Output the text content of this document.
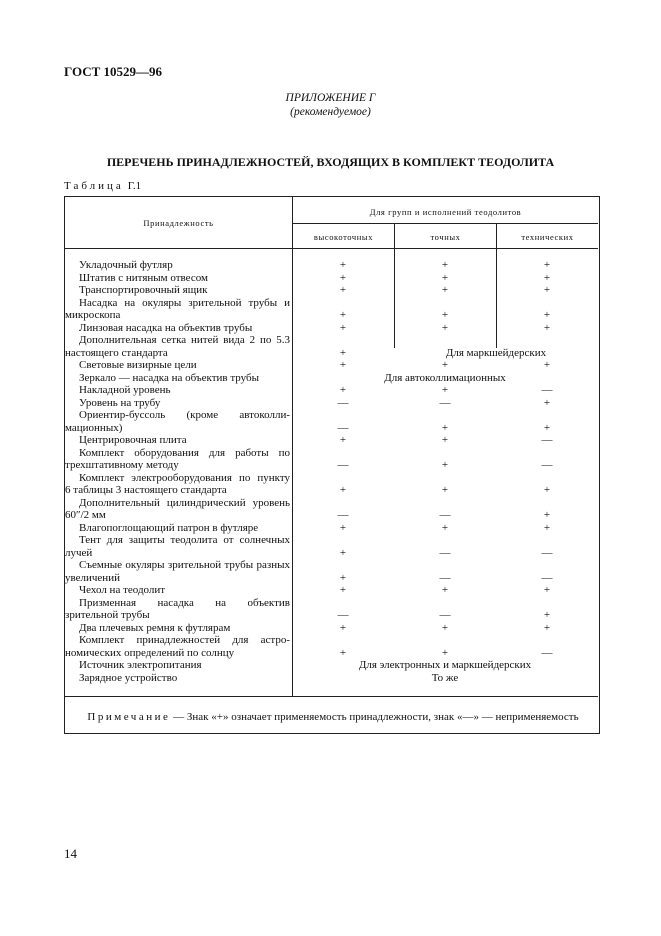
ГОСТ 10529—96
ПРИЛОЖЕНИЕ Г
(рекомендуемое)
ПЕРЕЧЕНЬ ПРИНАДЛЕЖНОСТЕЙ, ВХОДЯЩИХ В КОМПЛЕКТ ТЕОДОЛИТА
Таблица Г.1
Принадлежность
Для групп и исполнений теодолитов
высокоточных	точных	технических
Укладочный футляр	+	+	+
Штатив с нитяным отвесом	+	+	+
Транспортировочный ящик	+	+	+
Насадка на окуляры зрительной трубы и
микроскопа	+	+	+
Линзовая насадка на объектив трубы	+	+	+
Дополнительная сетка нитей вида 2 по 5.3
настоящего стандарта	+	Для маркшейдерских
Световые визирные цели	+	+	+
Зеркало — насадка на объектив трубы	Для автоколлимационных
Накладной уровень	+	+	—
Уровень на трубу	—	—	+
Ориентир-буссоль (кроме автоколли-
мационных)	—	+	+
Центрировочная плита	+	+	—
Комплект оборудования для работы по
трехштативному методу	—	+	—
Комплект электрооборудования по пункту
6 таблицы 3 настоящего стандарта	+	+	+
Дополнительный цилиндрический уровень
60″/2 мм	—	—	+
Влагопоглощающий патрон в футляре	+	+	+
Тент для защиты теодолита от солнечных
лучей	+	—	—
Съемные окуляры зрительной трубы разных
увеличений	+	—	—
Чехол на теодолит	+	+	+
Призменная насадка на объектив
зрительной трубы	—	—	+
Два плечевых ремня к футлярам	+	+	+
Комплект принадлежностей для астро-
номических определений по солнцу	+	+	—
Источник электропитания	Для электронных и маркшейдерских
Зарядное устройство	То же
Примечание — Знак «+» означает применяемость принадлежности, знак «—» — неприменяемость
14
